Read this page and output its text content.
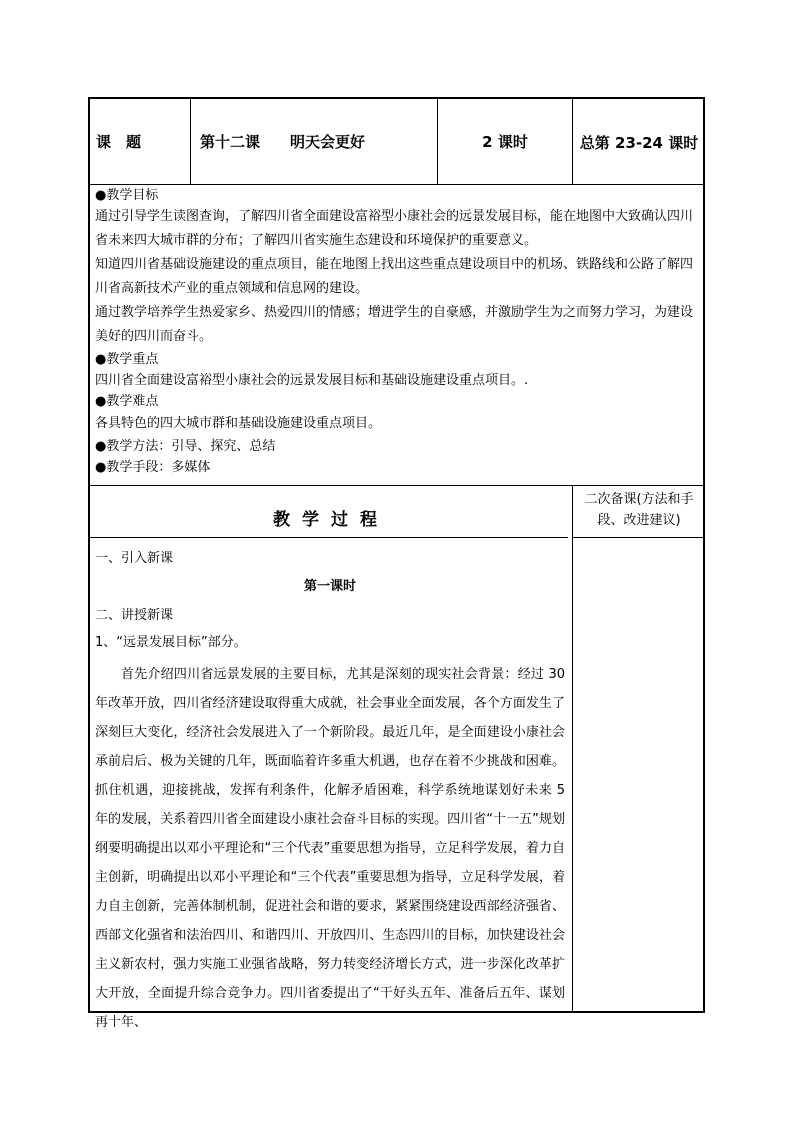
课　题	第十二课　　明天会更好	2 课时	总第 23-24 课时

●教学目标

通过引导学生读图查询，了解四川省全面建设富裕型小康社会的远景发展目标，能在地图中大致确认四川省未来四大城市群的分布；了解四川省实施生态建设和环境保护的重要意义。

知道四川省基础设施建设的重点项目，能在地图上找出这些重点建设项目中的机场、铁路线和公路了解四川省高新技术产业的重点领域和信息网的建设。

通过教学培养学生热爱家乡、热爱四川的情感；增进学生的自豪感，并激励学生为之而努力学习，为建设美好的四川而奋斗。

●教学重点

四川省全面建设富裕型小康社会的远景发展目标和基础设施建设重点项目。.

●教学难点

各具特色的四大城市群和基础设施建设重点项目。

●教学方法：引导、探究、总结

●教学手段：多媒体

教学过程
二次备课(方法和手段、改进建议)

一、引入新课

第一课时

二、讲授新课

1、“远景发展目标”部分。

首先介绍四川省远景发展的主要目标，尤其是深刻的现实社会背景：经过 30 年改革开放，四川省经济建设取得重大成就，社会事业全面发展，各个方面发生了深刻巨大变化，经济社会发展进入了一个新阶段。最近几年，是全面建设小康社会承前启后、极为关键的几年，既面临着许多重大机遇，也存在着不少挑战和困难。抓住机遇，迎接挑战，发挥有利条件，化解矛盾困难，科学系统地谋划好未来 5 年的发展，关系着四川省全面建设小康社会奋斗目标的实现。四川省“十一五”规划纲要明确提出以邓小平理论和“三个代表”重要思想为指导，立足科学发展，着力自主创新，明确提出以邓小平理论和“三个代表”重要思想为指导，立足科学发展，着力自主创新，完善体制机制，促进社会和谐的要求，紧紧围绕建设西部经济强省、西部文化强省和法治四川、和谐四川、开放四川、生态四川的目标，加快建设社会主义新农村，强力实施工业强省战略，努力转变经济增长方式，进一步深化改革扩大开放，全面提升综合竞争力。四川省委提出了“干好头五年、准备后五年、谋划再十年、
